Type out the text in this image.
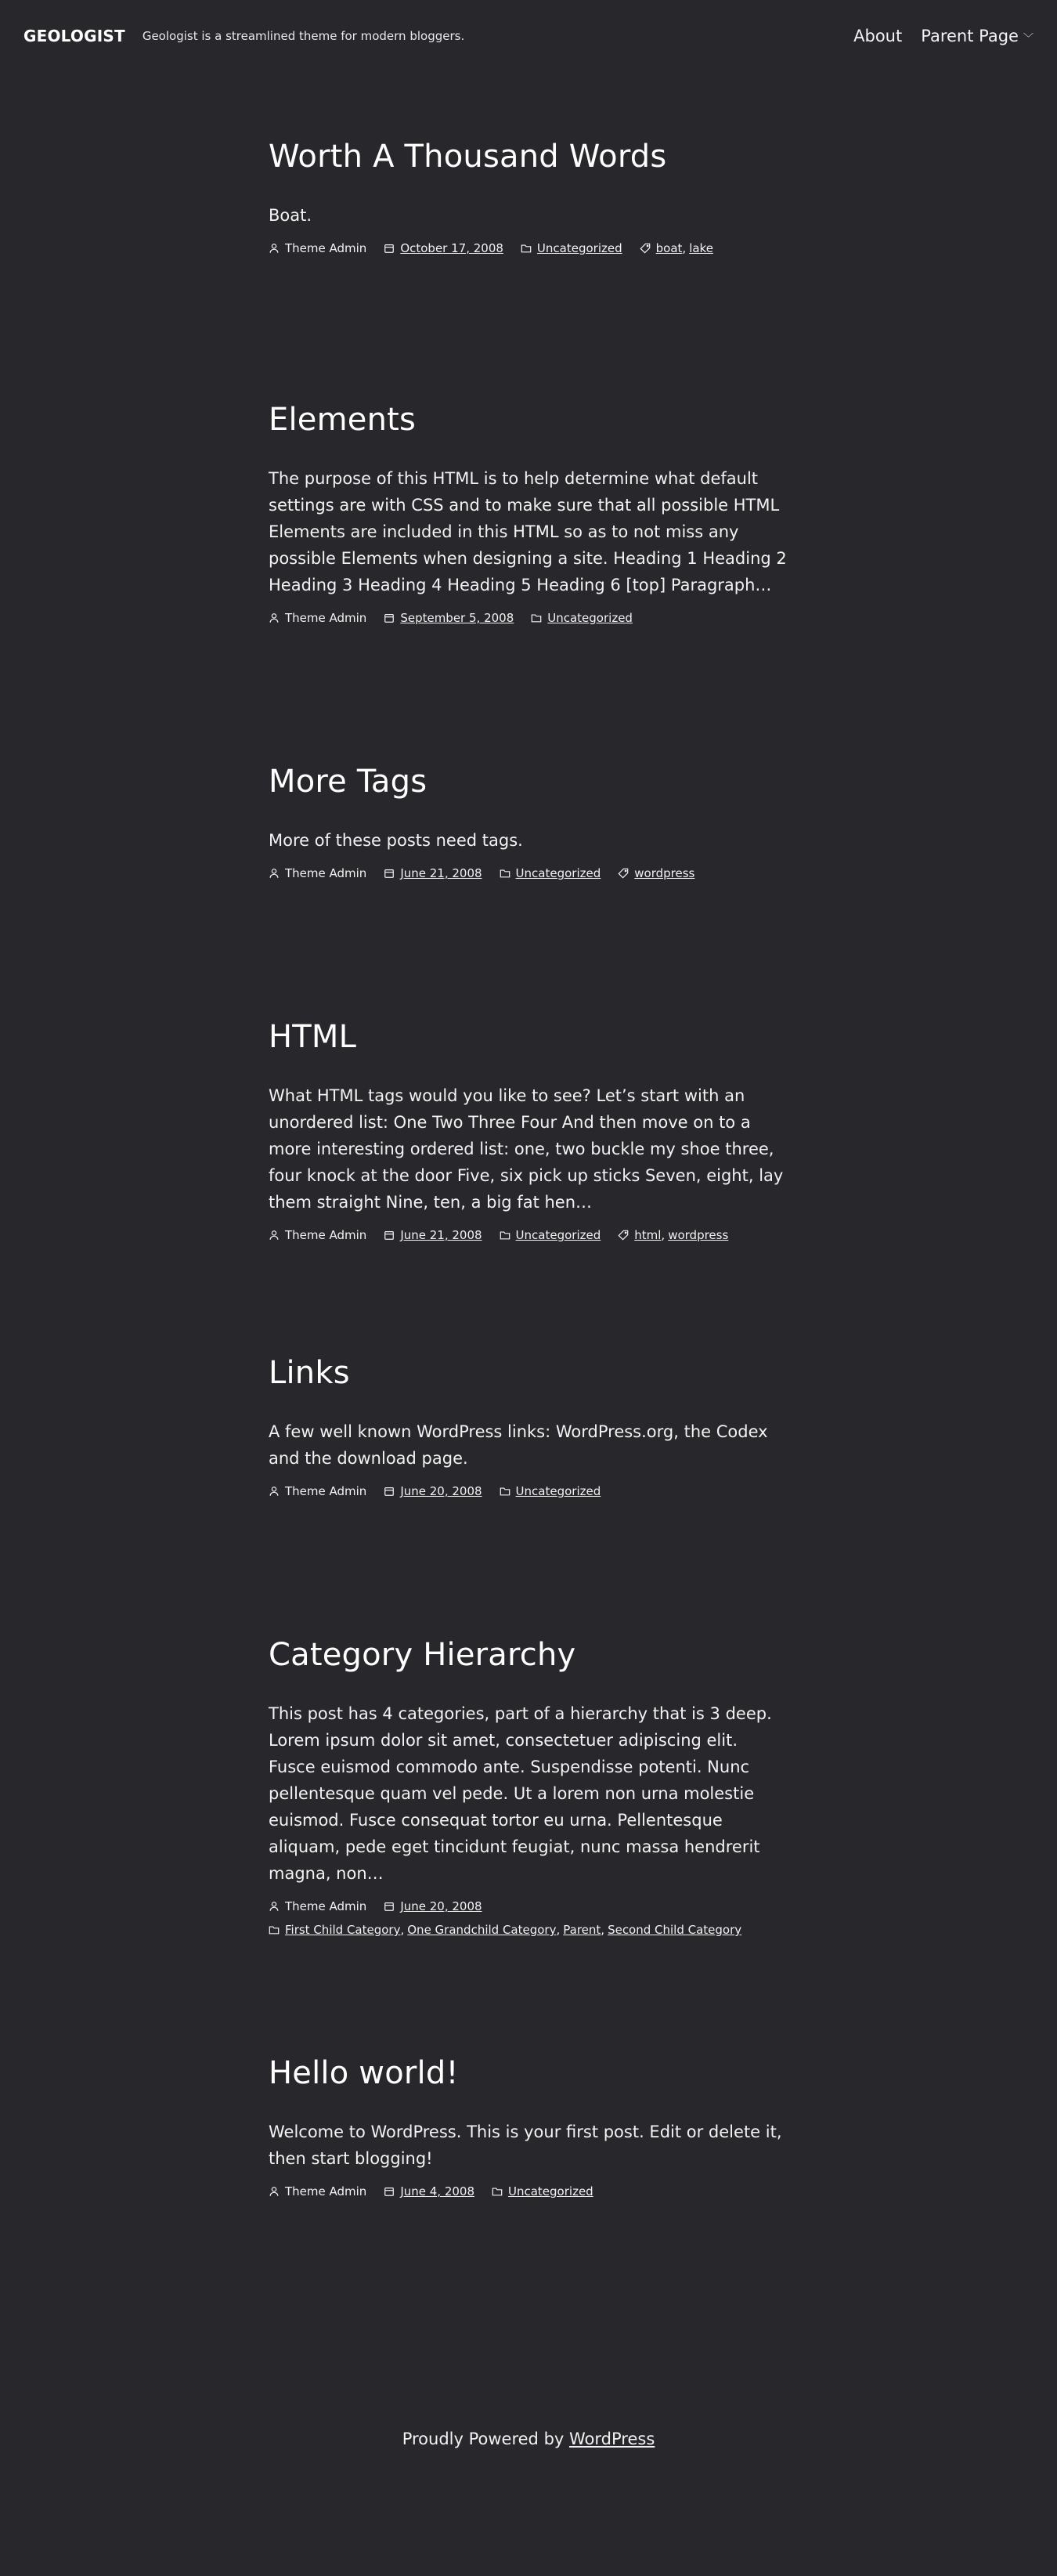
GEOLOGIST Geologist is a streamlined theme for modern bloggers.	About Parent Page ﹀
Worth A Thousand Words

Boat.

Theme Admin	October 17, 2008	Uncategorized	boat, lake
Elements

The purpose of this HTML is to help determine what default settings are with CSS and to make sure that all possible HTML Elements are included in this HTML so as to not miss any possible Elements when designing a site. Heading 1 Heading 2 Heading 3 Heading 4 Heading 5 Heading 6 [top] Paragraph…

Theme Admin	September 5, 2008	Uncategorized
More Tags

More of these posts need tags.

Theme Admin	June 21, 2008	Uncategorized	wordpress
HTML

What HTML tags would you like to see? Let’s start with an unordered list: One Two Three Four And then move on to a more interesting ordered list: one, two buckle my shoe three, four knock at the door Five, six pick up sticks Seven, eight, lay them straight Nine, ten, a big fat hen…

Theme Admin	June 21, 2008	Uncategorized	html, wordpress
Links

A few well known WordPress links: WordPress.org, the Codex and the download page.

Theme Admin	June 20, 2008	Uncategorized
Category Hierarchy

This post has 4 categories, part of a hierarchy that is 3 deep. Lorem ipsum dolor sit amet, consectetuer adipiscing elit. Fusce euismod commodo ante. Suspendisse potenti. Nunc pellentesque quam vel pede. Ut a lorem non urna molestie euismod. Fusce consequat tortor eu urna. Pellentesque aliquam, pede eget tincidunt feugiat, nunc massa hendrerit magna, non…

Theme Admin	June 20, 2008
First Child Category, One Grandchild Category, Parent, Second Child Category
Hello world!

Welcome to WordPress. This is your first post. Edit or delete it, then start blogging!

Theme Admin	June 4, 2008	Uncategorized
Proudly Powered by WordPress
